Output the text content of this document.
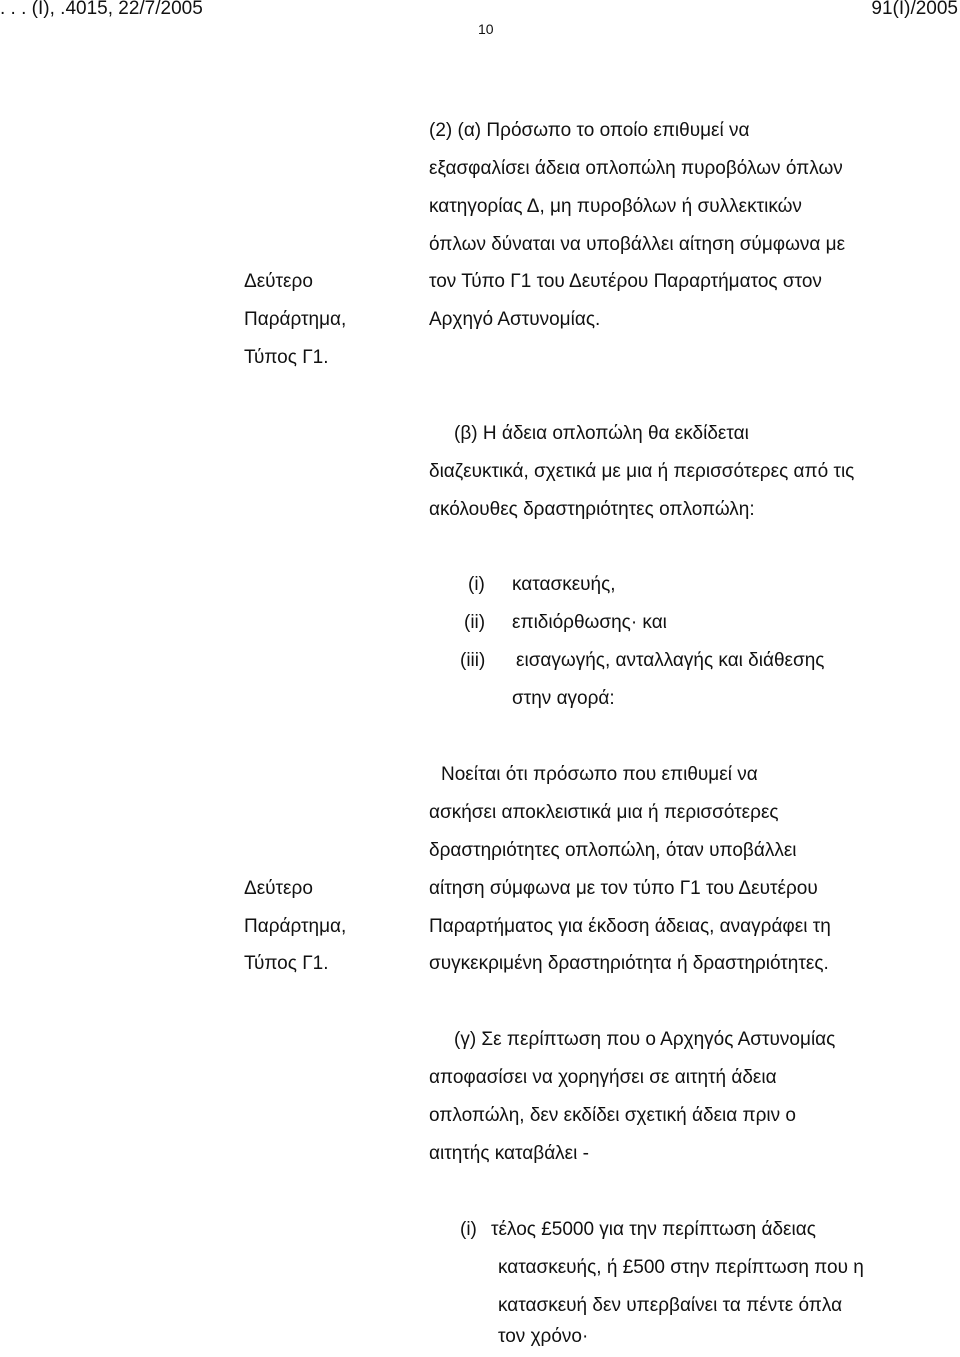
. . . (I), .4015, 22/7/2005	91(I)/2005
10
Δεύτερο
Παράρτημα,
Τύπος Γ1.
(2) (α) Πρόσωπο το οποίο επιθυμεί να
εξασφαλίσει άδεια οπλοπώλη πυροβόλων όπλων
κατηγορίας Δ, μη πυροβόλων ή συλλεκτικών
όπλων δύναται να υποβάλλει αίτηση σύμφωνα με
τον Τύπο Γ1 του Δευτέρου Παραρτήματος στον
Αρχηγό Αστυνομίας.
(β) Η άδεια οπλοπώλη θα εκδίδεται
διαζευκτικά, σχετικά με μια ή περισσότερες από τις
ακόλουθες δραστηριότητες οπλοπώλη:
(i) κατασκευής,
(ii) επιδιόρθωσης· και
(iii) εισαγωγής, ανταλλαγής και διάθεσης
στην αγορά:
Δεύτερο
Παράρτημα,
Τύπος Γ1.
Νοείται ότι πρόσωπο που επιθυμεί να
ασκήσει αποκλειστικά μια ή περισσότερες
δραστηριότητες οπλοπώλη, όταν υποβάλλει
αίτηση σύμφωνα με τον τύπο Γ1 του Δευτέρου
Παραρτήματος για έκδοση άδειας, αναγράφει τη
συγκεκριμένη δραστηριότητα ή δραστηριότητες.
(γ) Σε περίπτωση που ο Αρχηγός Αστυνομίας
αποφασίσει να χορηγήσει σε αιτητή άδεια
οπλοπώλη, δεν εκδίδει σχετική άδεια πριν ο
αιτητής καταβάλει -
(i) τέλος £5000 για την περίπτωση άδειας
κατασκευής, ή £500 στην περίπτωση που η
κατασκευή δεν υπερβαίνει τα πέντε όπλα
τον χρόνο·
